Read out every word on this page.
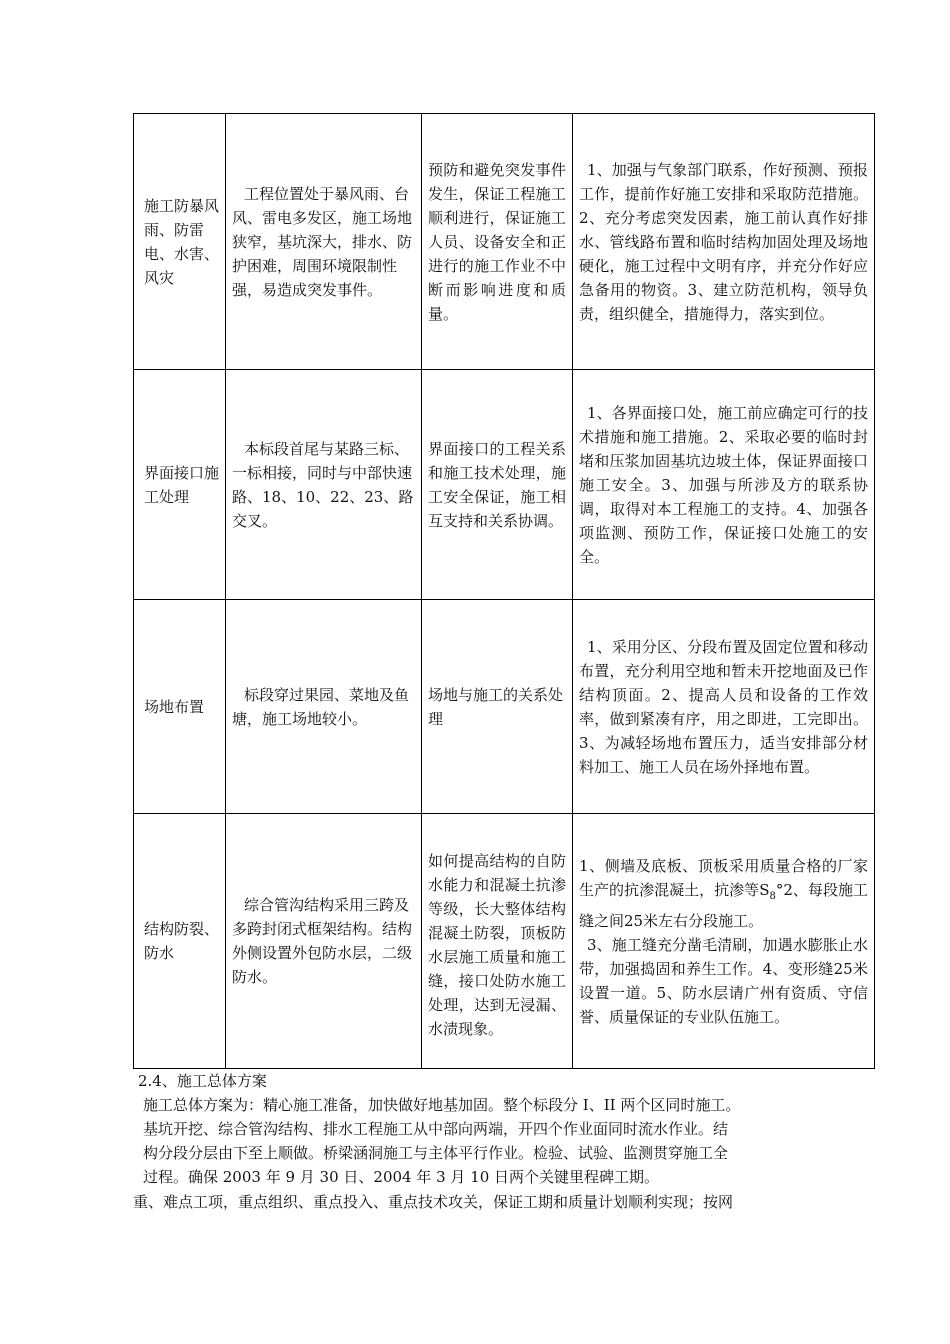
施工防暴风雨、防雷电、水害、风灾	工程位置处于暴风雨、台风、雷电多发区，施工场地狭窄，基坑深大，排水、防护困难，周围环境限制性强，易造成突发事件。	预防和避免突发事件发生，保证工程施工顺利进行，保证施工人员、设备安全和正进行的施工作业不中断而影响进度和质量。	1、加强与气象部门联系，作好预测、预报工作，提前作好施工安排和采取防范措施。2、充分考虑突发因素，施工前认真作好排水、管线路布置和临时结构加固处理及场地硬化，施工过程中文明有序，并充分作好应急备用的物资。3、建立防范机构，领导负责，组织健全，措施得力，落实到位。
界面接口施工处理	本标段首尾与某路三标、一标相接，同时与中部快速路、18、10、22、23、路交叉。	界面接口的工程关系和施工技术处理，施工安全保证，施工相互支持和关系协调。	1、各界面接口处，施工前应确定可行的技术措施和施工措施。2、采取必要的临时封堵和压浆加固基坑边坡土体，保证界面接口施工安全。3、加强与所涉及方的联系协调，取得对本工程施工的支持。4、加强各项监测、预防工作，保证接口处施工的安全。
场地布置	标段穿过果园、菜地及鱼塘，施工场地较小。	场地与施工的关系处理	1、采用分区、分段布置及固定位置和移动布置，充分利用空地和暂未开挖地面及已作结构顶面。2、提高人员和设备的工作效率，做到紧凑有序，用之即进，工完即出。3、为减轻场地布置压力，适当安排部分材料加工、施工人员在场外择地布置。
结构防裂、防水	综合管沟结构采用三跨及多跨封闭式框架结构。结构外侧设置外包防水层，二级防水。	如何提高结构的自防水能力和混凝土抗渗等级，长大整体结构混凝土防裂，顶板防水层施工质量和施工缝，接口处防水施工处理，达到无浸漏、水渍现象。	1、侧墙及底板、顶板采用质量合格的厂家生产的抗渗混凝土，抗渗等$S_8^\circ 2$、每段施工缝之间25米左右分段施工。
3、施工缝充分凿毛清刷，加遇水膨胀止水带，加强捣固和养生工作。4、变形缝25米设置一道。5、防水层请广州有资质、守信誉、质量保证的专业队伍施工。
2.4、施工总体方案
施工总体方案为：精心施工准备，加快做好地基加固。整个标段分 I、II 两个区同时施工。
基坑开挖、综合管沟结构、排水工程施工从中部向两端，开四个作业面同时流水作业。结
构分段分层由下至上顺做。桥梁涵洞施工与主体平行作业。检验、试验、监测贯穿施工全
过程。确保 2003 年 9 月 30 日、2004 年 3 月 10 日两个关键里程碑工期。
重、难点工项，重点组织、重点投入、重点技术攻关，保证工期和质量计划顺利实现；按网
